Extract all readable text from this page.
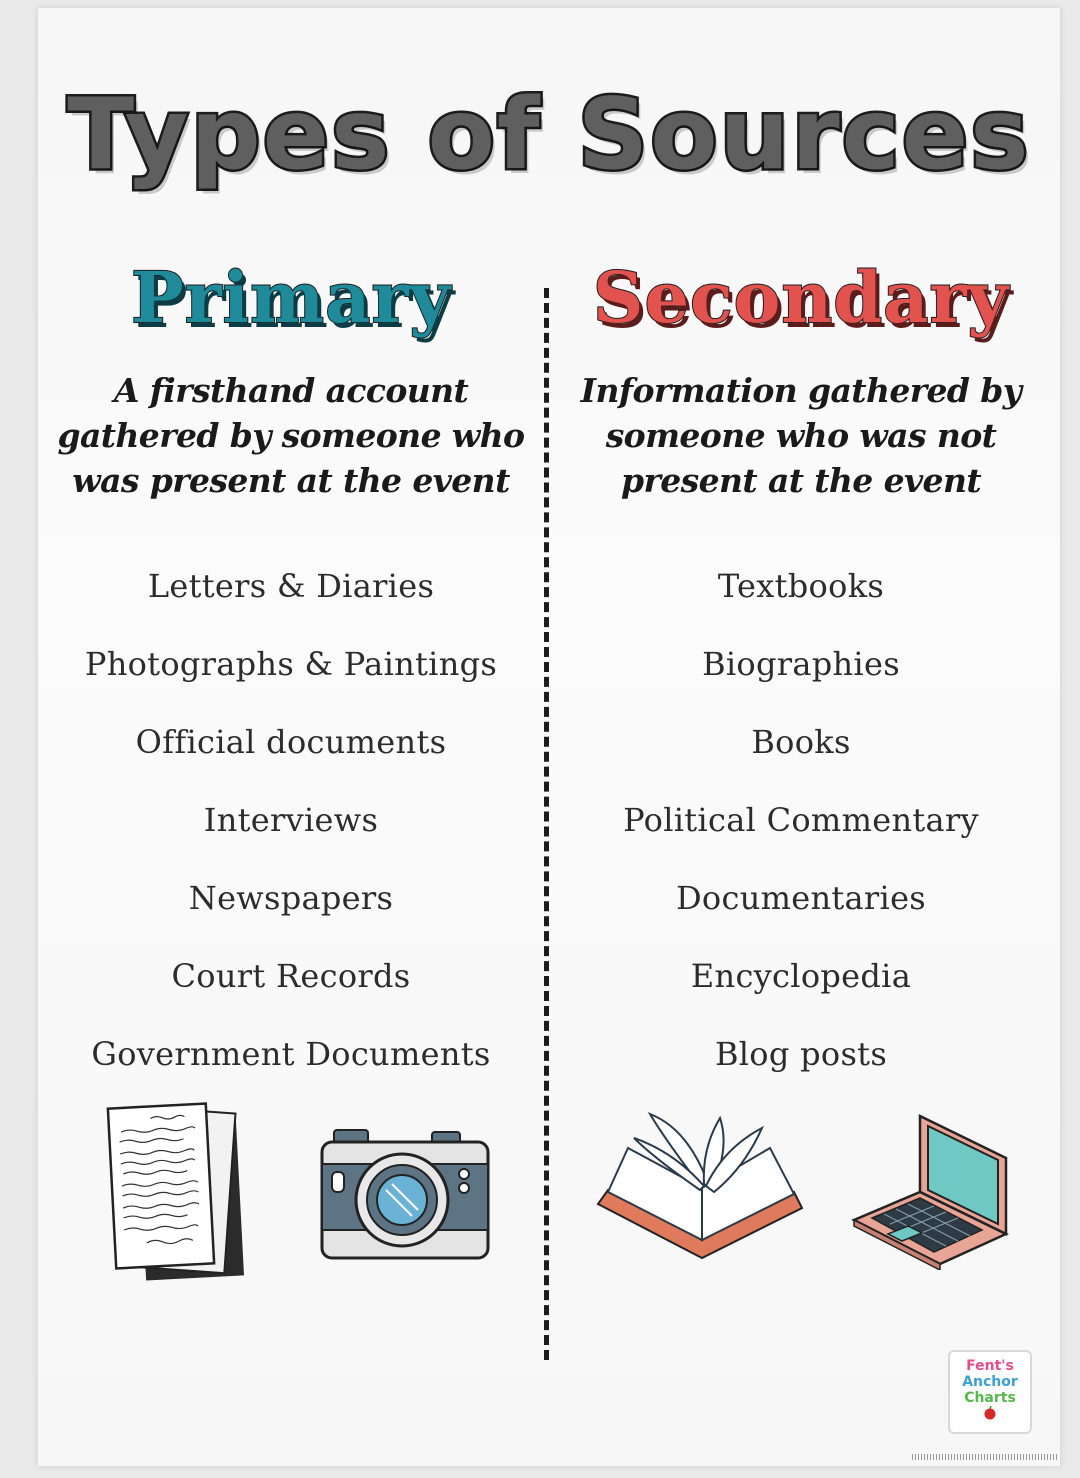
Types of Sources
Primary
A firsthand account
gathered by someone who
was present at the event
Letters & Diaries
Photographs & Paintings
Official documents
Interviews
Newspapers
Court Records
Government Documents
Secondary
Information gathered by
someone who was not
present at the event
Textbooks
Biographies
Books
Political Commentary
Documentaries
Encyclopedia
Blog posts
Fent's
Anchor
Charts
